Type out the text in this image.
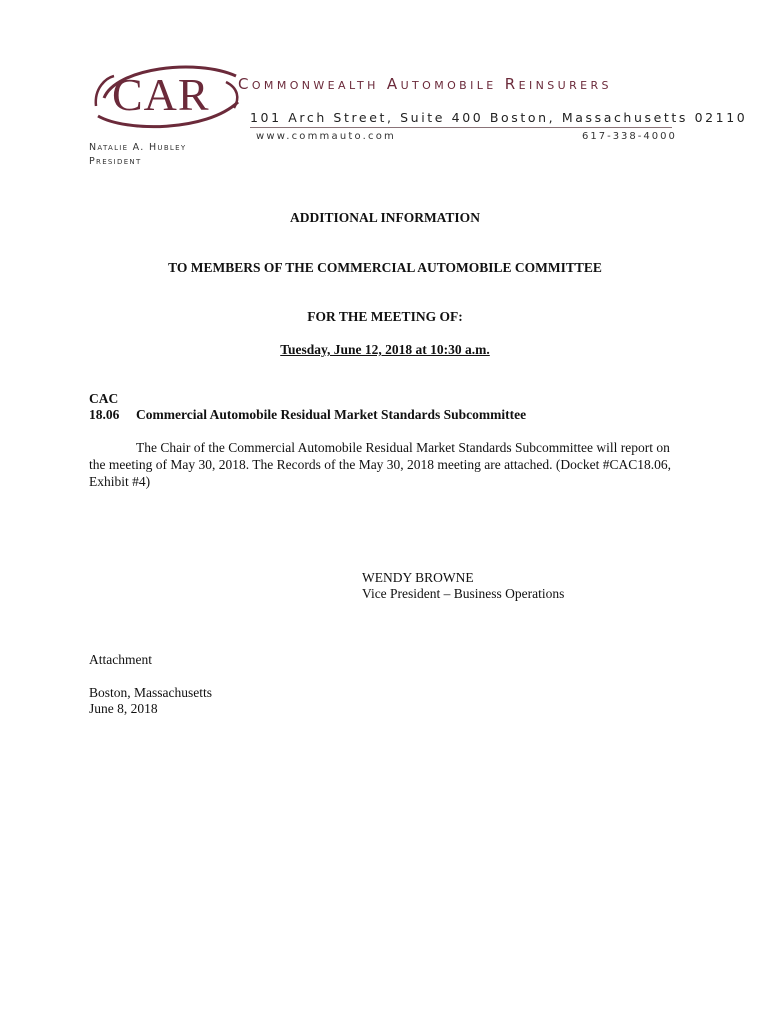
CAR Commonwealth Automobile Reinsurers
101 Arch Street, Suite 400 Boston, Massachusetts 02110
www.commauto.com	617-338-4000
Natalie A. Hubley
President
ADDITIONAL INFORMATION
TO MEMBERS OF THE COMMERCIAL AUTOMOBILE COMMITTEE
FOR THE MEETING OF:
Tuesday, June 12, 2018 at 10:30 a.m.
CAC
18.06 Commercial Automobile Residual Market Standards Subcommittee
The Chair of the Commercial Automobile Residual Market Standards Subcommittee will report on the meeting of May 30, 2018. The Records of the May 30, 2018 meeting are attached. (Docket #CAC18.06, Exhibit #4)
WENDY BROWNE
Vice President – Business Operations
Attachment
Boston, Massachusetts
June 8, 2018
